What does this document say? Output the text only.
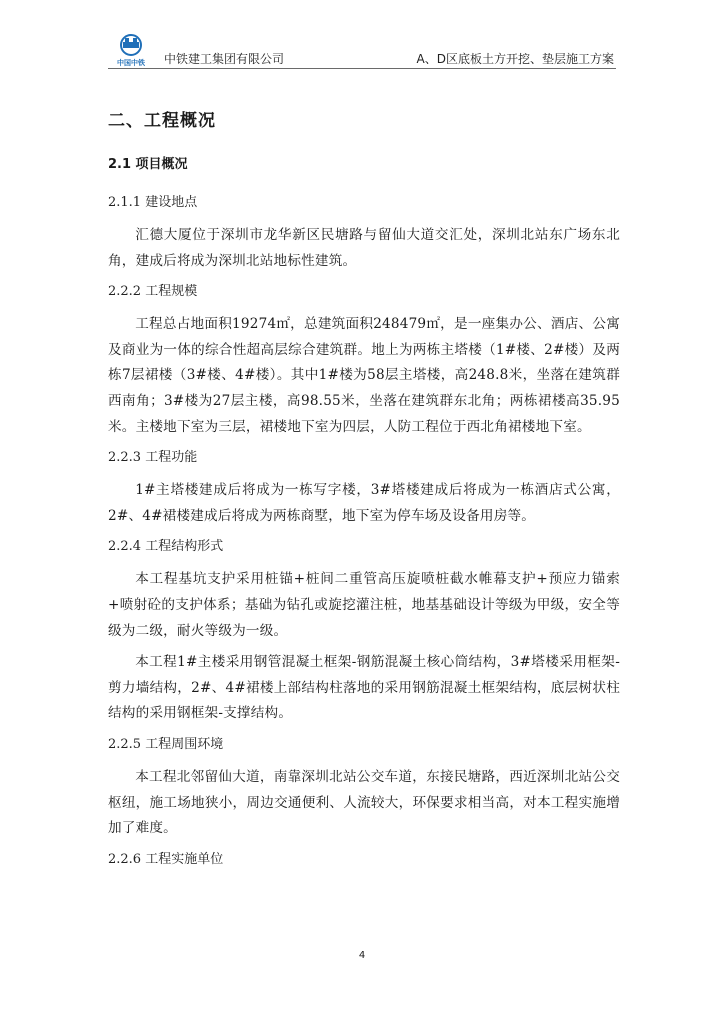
中国中铁 中铁建工集团有限公司	A、D区底板土方开挖、垫层施工方案
二、工程概况
2.1 项目概况
2.1.1 建设地点

汇德大厦位于深圳市龙华新区民塘路与留仙大道交汇处，深圳北站东广场东北角，建成后将成为深圳北站地标性建筑。

2.2.2 工程规模

工程总占地面积19274㎡，总建筑面积248479㎡，是一座集办公、酒店、公寓及商业为一体的综合性超高层综合建筑群。地上为两栋主塔楼（1#楼、2#楼）及两栋7层裙楼（3#楼、4#楼）。其中1#楼为58层主塔楼，高248.8米，坐落在建筑群西南角；3#楼为27层主楼，高98.55米，坐落在建筑群东北角；两栋裙楼高35.95米。主楼地下室为三层，裙楼地下室为四层，人防工程位于西北角裙楼地下室。

2.2.3 工程功能

1#主塔楼建成后将成为一栋写字楼，3#塔楼建成后将成为一栋酒店式公寓，2#、4#裙楼建成后将成为两栋商墅，地下室为停车场及设备用房等。

2.2.4 工程结构形式

本工程基坑支护采用桩锚+桩间二重管高压旋喷桩截水帷幕支护+预应力锚索+喷射砼的支护体系；基础为钻孔或旋挖灌注桩，地基基础设计等级为甲级，安全等级为二级，耐火等级为一级。

本工程1#主楼采用钢管混凝土框架-钢筋混凝土核心筒结构，3#塔楼采用框架-剪力墙结构，2#、4#裙楼上部结构柱落地的采用钢筋混凝土框架结构，底层树状柱结构的采用钢框架-支撑结构。

2.2.5 工程周围环境

本工程北邻留仙大道，南靠深圳北站公交车道，东接民塘路，西近深圳北站公交枢纽，施工场地狭小，周边交通便利、人流较大，环保要求相当高，对本工程实施增加了难度。

2.2.6 工程实施单位
4
